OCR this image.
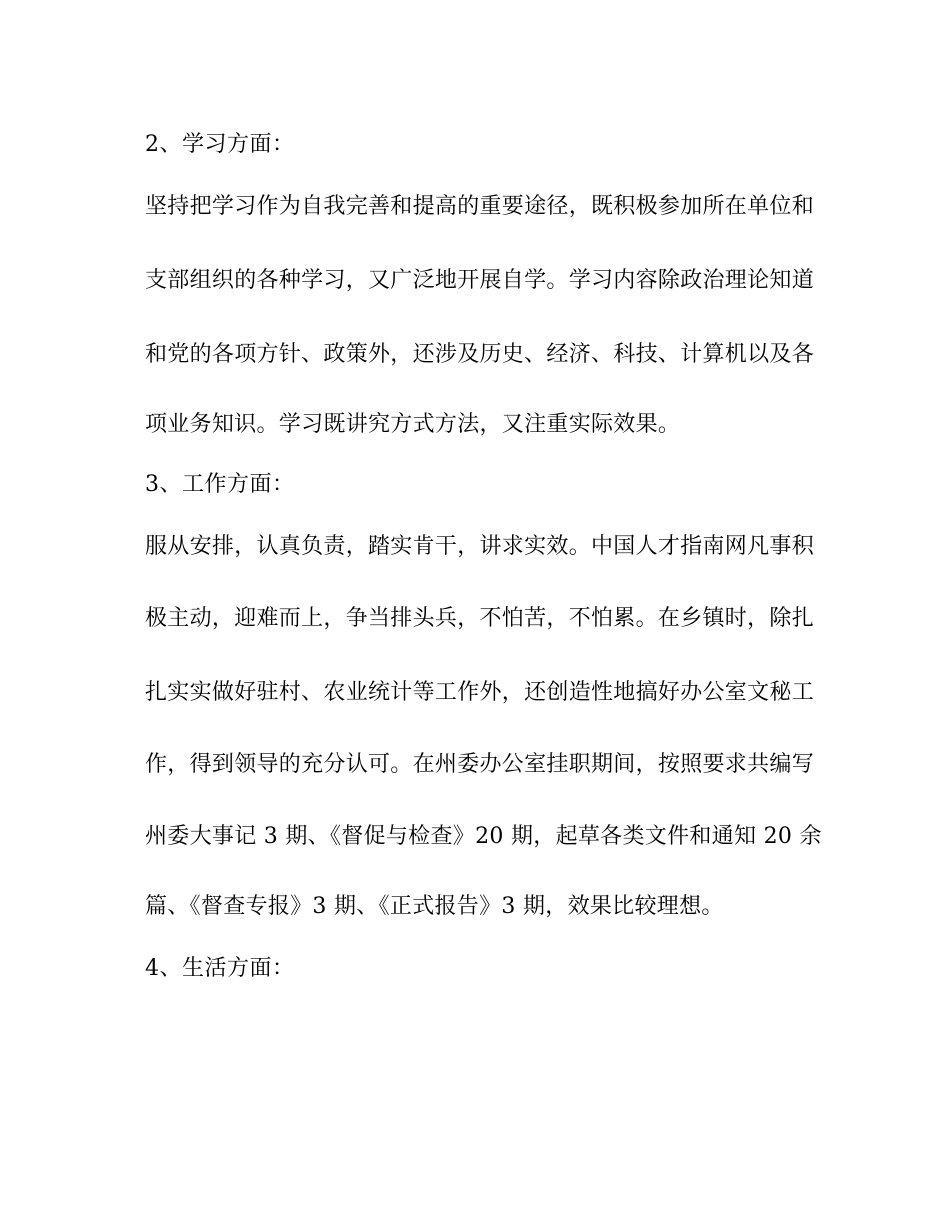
2、学习方面：
坚持把学习作为自我完善和提高的重要途径，既积极参加所在单位和
支部组织的各种学习，又广泛地开展自学。学习内容除政治理论知道
和党的各项方针、政策外，还涉及历史、经济、科技、计算机以及各
项业务知识。学习既讲究方式方法，又注重实际效果。
3、工作方面：
服从安排，认真负责，踏实肯干，讲求实效。中国人才指南网凡事积
极主动，迎难而上，争当排头兵，不怕苦，不怕累。在乡镇时，除扎
扎实实做好驻村、农业统计等工作外，还创造性地搞好办公室文秘工
作，得到领导的充分认可。在州委办公室挂职期间，按照要求共编写
州委大事记 3 期、《督促与检查》20 期，起草各类文件和通知 20 余
篇、《督查专报》3 期、《正式报告》3 期，效果比较理想。
4、生活方面：
